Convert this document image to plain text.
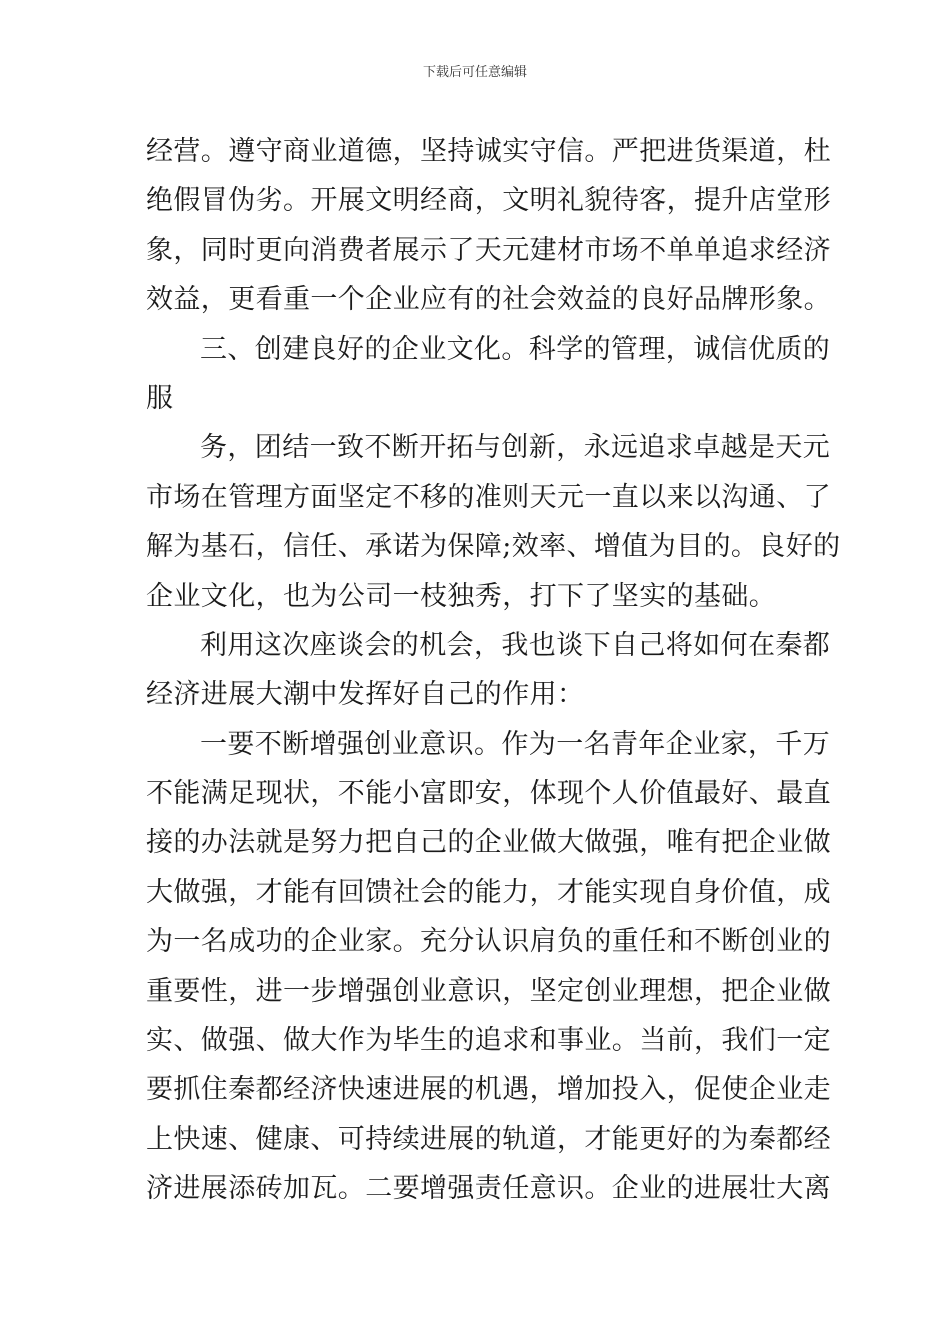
下载后可任意编辑
经营。遵守商业道德，坚持诚实守信。严把进货渠道，杜
绝假冒伪劣。开展文明经商，文明礼貌待客，提升店堂形
象，同时更向消费者展示了天元建材市场不单单追求经济
效益，更看重一个企业应有的社会效益的良好品牌形象。
三、创建良好的企业文化。科学的管理，诚信优质的
服
务，团结一致不断开拓与创新，永远追求卓越是天元
市场在管理方面坚定不移的准则天元一直以来以沟通、了
解为基石，信任、承诺为保障;效率、增值为目的。良好的
企业文化，也为公司一枝独秀，打下了坚实的基础。
利用这次座谈会的机会，我也谈下自己将如何在秦都
经济进展大潮中发挥好自己的作用：
一要不断增强创业意识。作为一名青年企业家，千万
不能满足现状，不能小富即安，体现个人价值最好、最直
接的办法就是努力把自己的企业做大做强，唯有把企业做
大做强，才能有回馈社会的能力，才能实现自身价值，成
为一名成功的企业家。充分认识肩负的重任和不断创业的
重要性，进一步增强创业意识，坚定创业理想，把企业做
实、做强、做大作为毕生的追求和事业。当前，我们一定
要抓住秦都经济快速进展的机遇，增加投入，促使企业走
上快速、健康、可持续进展的轨道，才能更好的为秦都经
济进展添砖加瓦。二要增强责任意识。企业的进展壮大离
